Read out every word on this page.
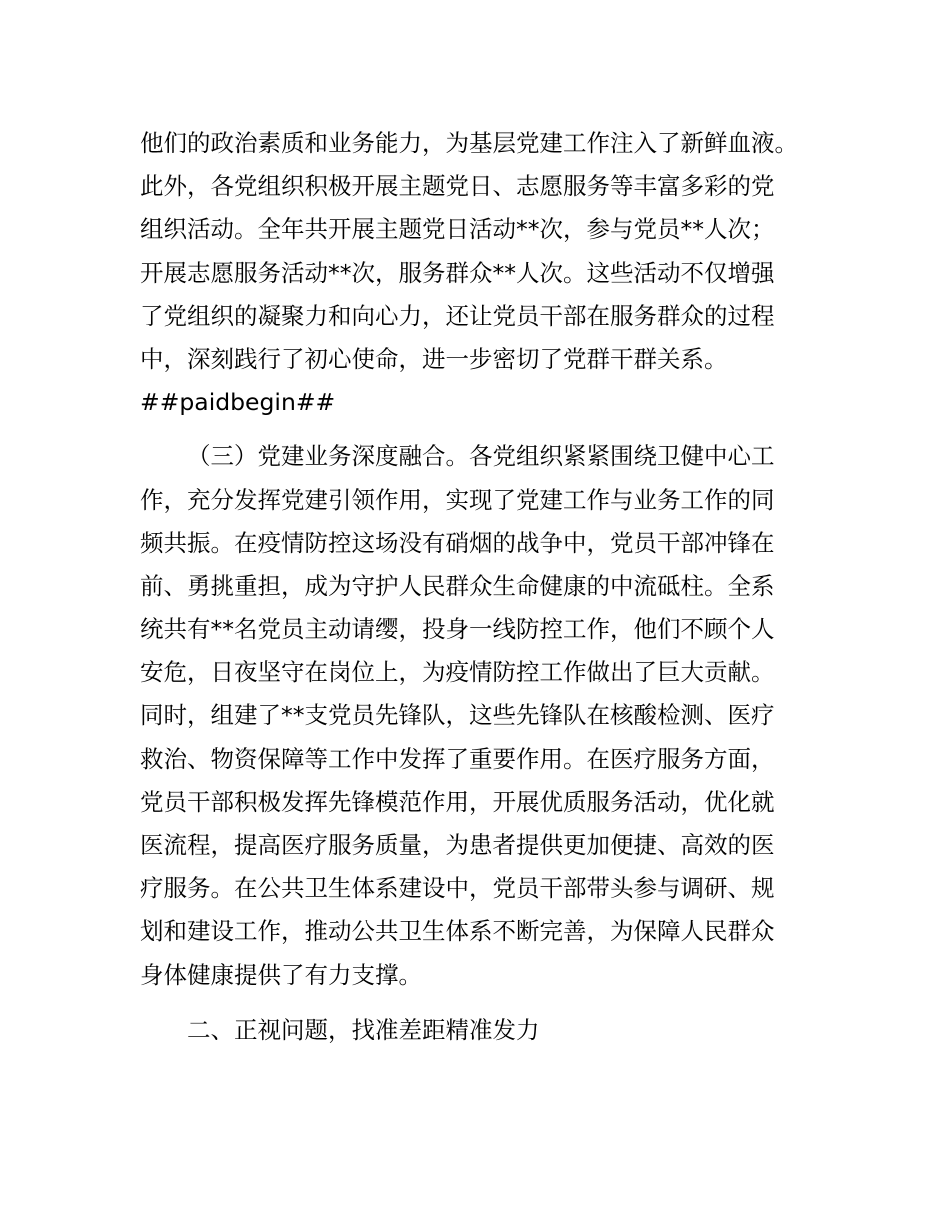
他们的政治素质和业务能力，为基层党建工作注入了新鲜血液。
此外，各党组织积极开展主题党日、志愿服务等丰富多彩的党
组织活动。全年共开展主题党日活动**次，参与党员**人次；
开展志愿服务活动**次，服务群众**人次。这些活动不仅增强
了党组织的凝聚力和向心力，还让党员干部在服务群众的过程
中，深刻践行了初心使命，进一步密切了党群干群关系。
##paidbegin##
（三）党建业务深度融合。各党组织紧紧围绕卫健中心工
作，充分发挥党建引领作用，实现了党建工作与业务工作的同
频共振。在疫情防控这场没有硝烟的战争中，党员干部冲锋在
前、勇挑重担，成为守护人民群众生命健康的中流砥柱。全系
统共有**名党员主动请缨，投身一线防控工作，他们不顾个人
安危，日夜坚守在岗位上，为疫情防控工作做出了巨大贡献。
同时，组建了**支党员先锋队，这些先锋队在核酸检测、医疗
救治、物资保障等工作中发挥了重要作用。在医疗服务方面，
党员干部积极发挥先锋模范作用，开展优质服务活动，优化就
医流程，提高医疗服务质量，为患者提供更加便捷、高效的医
疗服务。在公共卫生体系建设中，党员干部带头参与调研、规
划和建设工作，推动公共卫生体系不断完善，为保障人民群众
身体健康提供了有力支撑。
二、正视问题，找准差距精准发力
